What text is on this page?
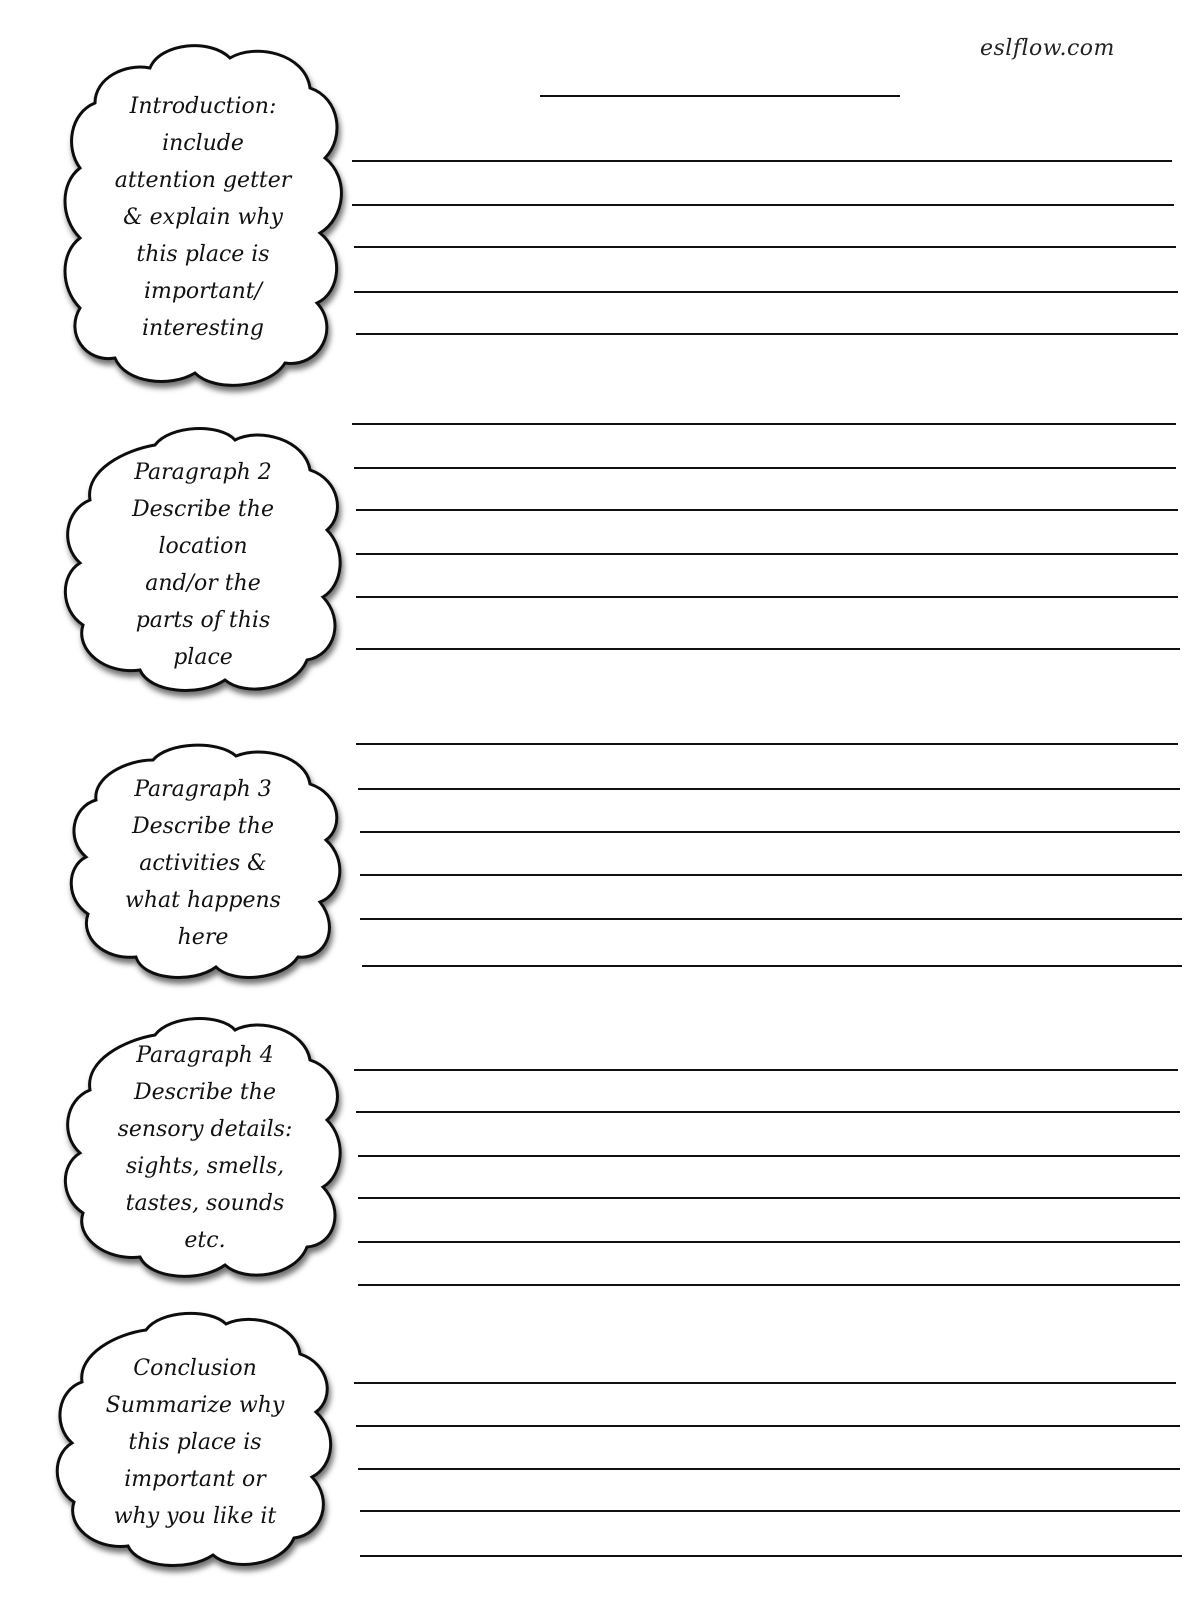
eslflow.com
Introduction:
include
attention getter
& explain why
this place is
important/
interesting
Paragraph 2
Describe the
location
and/or the
parts of this
place
Paragraph 3
Describe the
activities &
what happens
here
Paragraph 4
Describe the
sensory details:
sights, smells,
tastes, sounds
etc.
Conclusion
Summarize why
this place is
important or
why you like it
